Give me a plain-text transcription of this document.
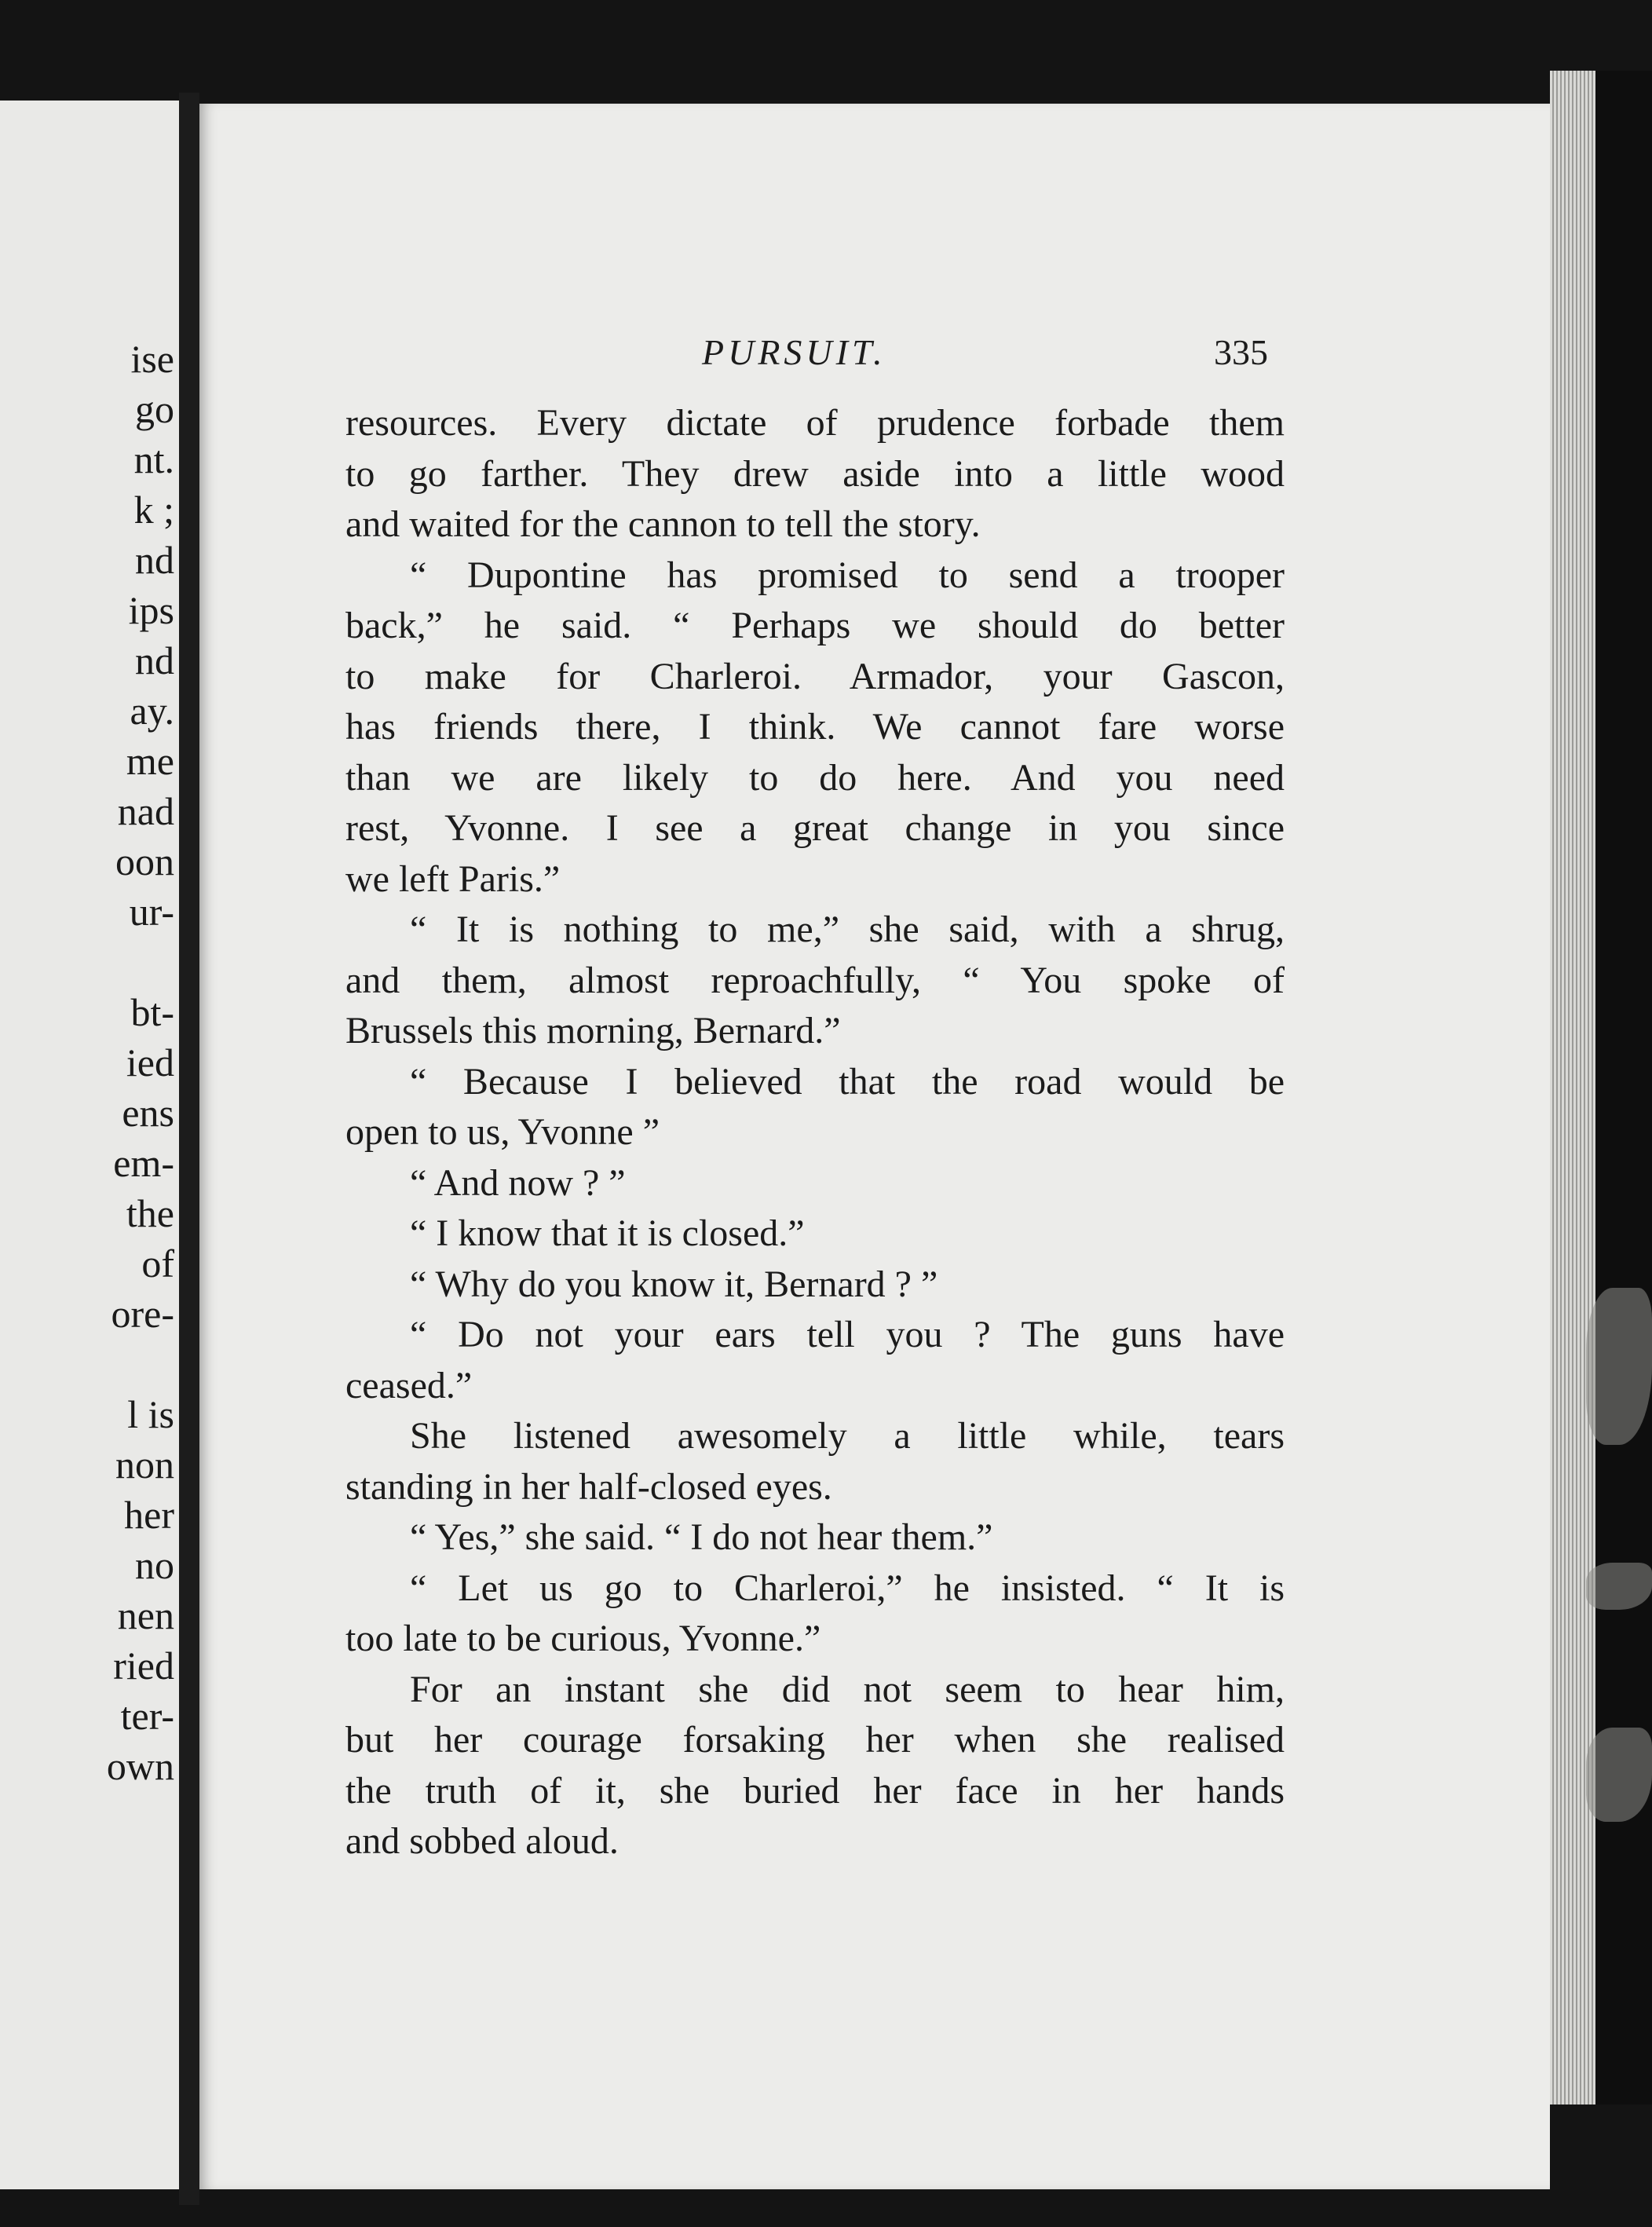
ise
go
nt.
k ;
nd
ips
nd
ay.
me
nad
oon
ur-
bt-
ied
ens
em-
the
of
ore-
l is
non
her
no
nen
ried
ter-
own
PURSUIT.	335
resources. Every dictate of prudence forbade them
to go farther. They drew aside into a little wood
and waited for the cannon to tell the story.
“ Dupontine has promised to send a trooper
back,” he said. “ Perhaps we should do better
to make for Charleroi. Armador, your Gascon,
has friends there, I think. We cannot fare worse
than we are likely to do here. And you need
rest, Yvonne. I see a great change in you since
we left Paris.”
“ It is nothing to me,” she said, with a shrug,
and them, almost reproachfully, “ You spoke of
Brussels this morning, Bernard.”
“ Because I believed that the road would be
open to us, Yvonne ”
“ And now ? ”
“ I know that it is closed.”
“ Why do you know it, Bernard ? ”
“ Do not your ears tell you ? The guns have
ceased.”
She listened awesomely a little while, tears
standing in her half-closed eyes.
“ Yes,” she said. “ I do not hear them.”
“ Let us go to Charleroi,” he insisted. “ It is
too late to be curious, Yvonne.”
For an instant she did not seem to hear him,
but her courage forsaking her when she realised
the truth of it, she buried her face in her hands
and sobbed aloud.
